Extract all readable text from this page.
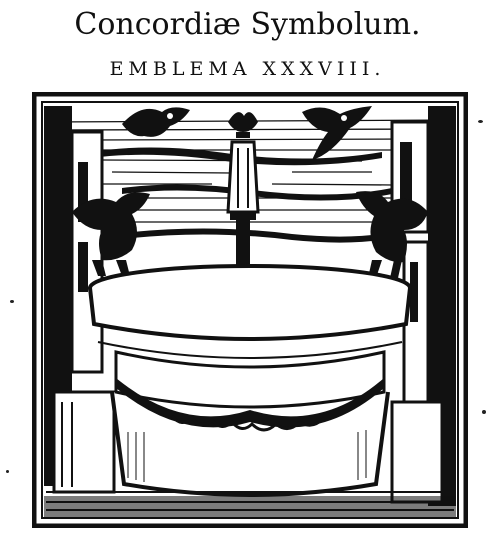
Concordiæ Symbolum.
EMBLEMA XXXVIII.
